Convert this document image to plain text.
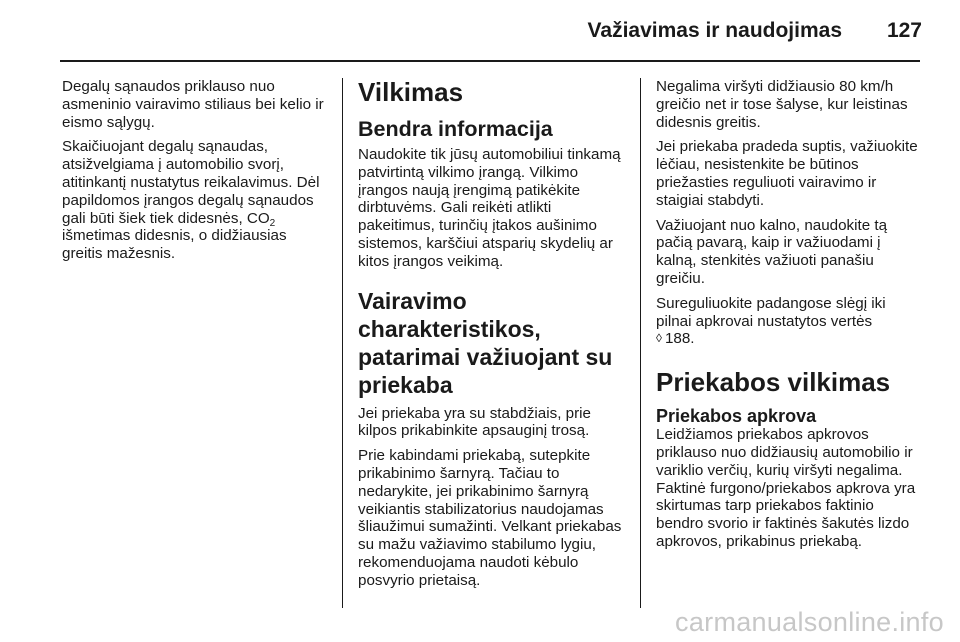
Važiavimas ir naudojimas 127

Degalų sąnaudos priklauso nuo asmeninio vairavimo stiliaus bei kelio ir eismo sąlygų.

Skaičiuojant degalų sąnaudas, atsižvelgiama į automobilio svorį, atitinkantį nustatytus reikalavimus. Dėl papildomos įrangos degalų sąnaudos gali būti šiek tiek didesnės, $CO_2$ išmetimas didesnis, o didžiausias greitis mažesnis.

Vilkimas
Bendra informacija

Naudokite tik jūsų automobiliui tinkamą patvirtintą vilkimo įrangą. Vilkimo įrangos naują įrengimą patikėkite dirbtuvėms. Gali reikėti atlikti pakeitimus, turinčių įtakos aušinimo sistemos, karščiui atsparių skydelių ar kitos įrangos veikimą.

Vairavimo charakteristikos, patarimai važiuojant su priekaba

Jei priekaba yra su stabdžiais, prie kilpos prikabinkite apsauginį trosą.

Prie kabindami priekabą, sutepkite prikabinimo šarnyrą. Tačiau to nedarykite, jei prikabinimo šarnyrą veikiantis stabilizatorius naudojamas šliaužimui sumažinti. Velkant priekabas su mažu važiavimo stabilumo lygiu, rekomenduojama naudoti kėbulo posvyrio prietaisą.

Negalima viršyti didžiausio 80 km/h greičio net ir tose šalyse, kur leistinas didesnis greitis.

Jei priekaba pradeda suptis, važiuokite lėčiau, nesistenkite be būtinos priežasties reguliuoti vairavimo ir staigiai stabdyti.

Važiuojant nuo kalno, naudokite tą pačią pavarą, kaip ir važiuodami į kalną, stenkitės važiuoti panašiu greičiu.

Sureguliuokite padangose slėgį iki pilnai apkrovai nustatytos vertės
◊ 188.

Priekabos vilkimas
Priekabos apkrova

Leidžiamos priekabos apkrovos priklauso nuo didžiausių automobilio ir variklio verčių, kurių viršyti negalima. Faktinė furgono/priekabos apkrova yra skirtumas tarp priekabos faktinio bendro svorio ir faktinės šakutės lizdo apkrovos, prikabinus priekabą.

carmanualsonline.info
